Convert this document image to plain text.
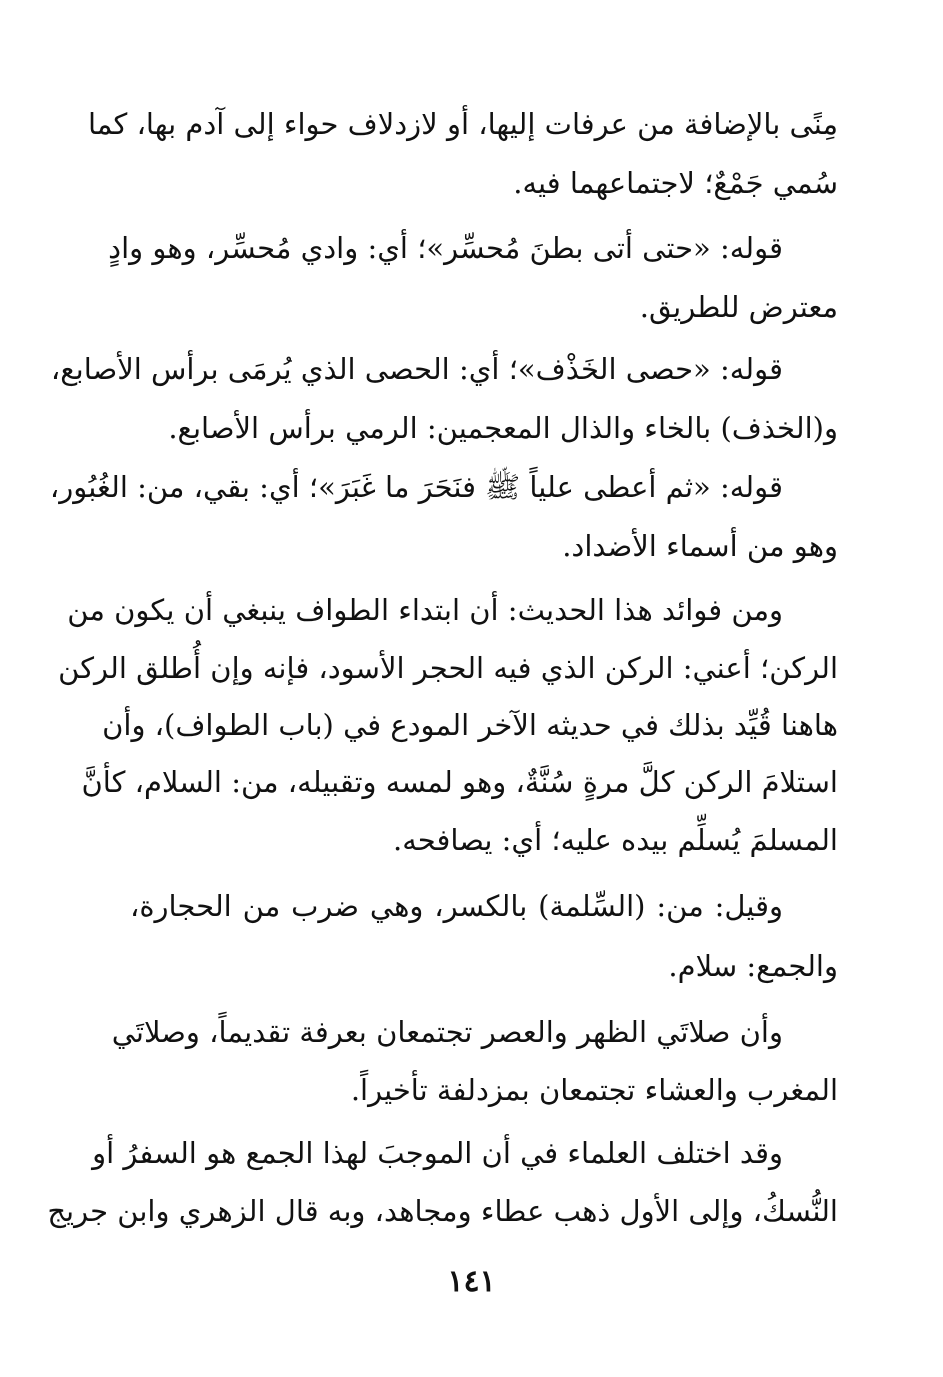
مِنًى بالإضافة من عرفات إليها، أو لازدلاف حواء إلى آدم بها، كما
سُمي جَمْعٌ؛ لاجتماعهما فيه.
قوله: «حتى أتى بطنَ مُحسِّر»؛ أي: وادي مُحسِّر، وهو وادٍ
معترض للطريق.
قوله: «حصى الخَذْف»؛ أي: الحصى الذي يُرمَى برأس الأصابع،
و(الخذف) بالخاء والذال المعجمين: الرمي برأس الأصابع.
قوله: «ثم أعطى علياً ﷺ فنَحَرَ ما غَبَرَ»؛ أي: بقي، من: الغُبُور،
وهو من أسماء الأضداد.
ومن فوائد هذا الحديث: أن ابتداء الطواف ينبغي أن يكون من
الركن؛ أعني: الركن الذي فيه الحجر الأسود، فإنه وإن أُطلق الركن
هاهنا قُيِّد بذلك في حديثه الآخر المودع في (باب الطواف)، وأن
استلامَ الركن كلَّ مرةٍ سُنَّةٌ، وهو لمسه وتقبيله، من: السلام، كأنَّ
المسلمَ يُسلِّم بيده عليه؛ أي: يصافحه.
وقيل: من: (السِّلمة) بالكسر، وهي ضرب من الحجارة،
والجمع: سلام.
وأن صلاتَي الظهر والعصر تجتمعان بعرفة تقديماً، وصلاتَي
المغرب والعشاء تجتمعان بمزدلفة تأخيراً.
وقد اختلف العلماء في أن الموجبَ لهذا الجمع هو السفرُ أو
النُّسكُ، وإلى الأول ذهب عطاء ومجاهد، وبه قال الزهري وابن جريج
١٤١
